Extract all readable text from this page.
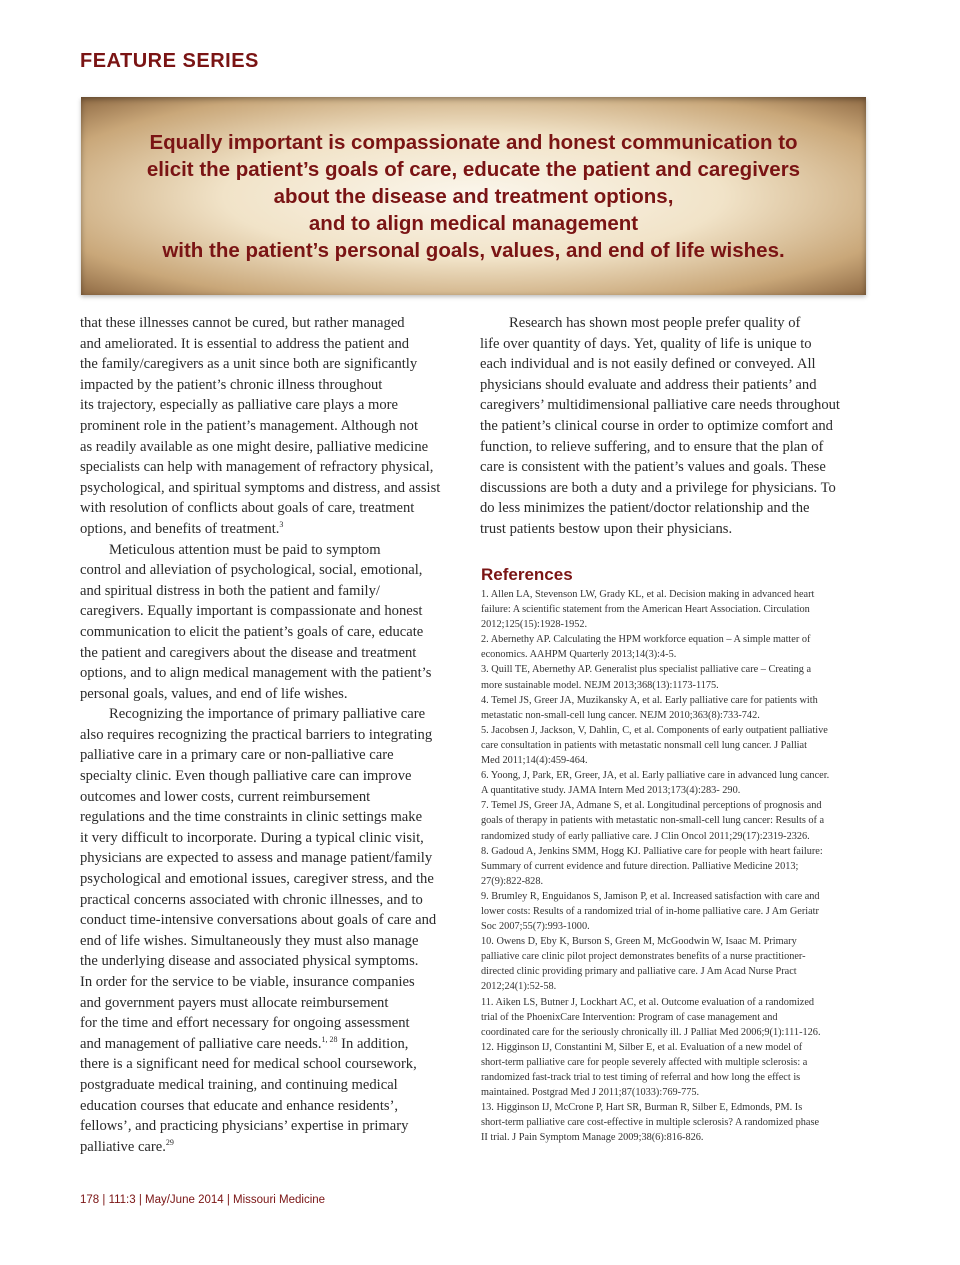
FEATURE SERIES
Equally important is compassionate and honest communication to
elicit the patient’s goals of care, educate the patient and caregivers
about the disease and treatment options,
and to align medical management
with the patient’s personal goals, values, and end of life wishes.
that these illnesses cannot be cured, but rather managed
and ameliorated. It is essential to address the patient and
the family/caregivers as a unit since both are significantly
impacted by the patient’s chronic illness throughout
its trajectory, especially as palliative care plays a more
prominent role in the patient’s management. Although not
as readily available as one might desire, palliative medicine
specialists can help with management of refractory physical,
psychological, and spiritual symptoms and distress, and assist
with resolution of conflicts about goals of care, treatment
options, and benefits of treatment.$^3$
Meticulous attention must be paid to symptom
control and alleviation of psychological, social, emotional,
and spiritual distress in both the patient and family/
caregivers. Equally important is compassionate and honest
communication to elicit the patient’s goals of care, educate
the patient and caregivers about the disease and treatment
options, and to align medical management with the patient’s
personal goals, values, and end of life wishes.
Recognizing the importance of primary palliative care
also requires recognizing the practical barriers to integrating
palliative care in a primary care or non-palliative care
specialty clinic. Even though palliative care can improve
outcomes and lower costs, current reimbursement
regulations and the time constraints in clinic settings make
it very difficult to incorporate. During a typical clinic visit,
physicians are expected to assess and manage patient/family
psychological and emotional issues, caregiver stress, and the
practical concerns associated with chronic illnesses, and to
conduct time-intensive conversations about goals of care and
end of life wishes. Simultaneously they must also manage
the underlying disease and associated physical symptoms.
In order for the service to be viable, insurance companies
and government payers must allocate reimbursement
for the time and effort necessary for ongoing assessment
and management of palliative care needs.$^{1, 28}$ In addition,
there is a significant need for medical school coursework,
postgraduate medical training, and continuing medical
education courses that educate and enhance residents’,
fellows’, and practicing physicians’ expertise in primary
palliative care.$^{29}$
Research has shown most people prefer quality of
life over quantity of days. Yet, quality of life is unique to
each individual and is not easily defined or conveyed. All
physicians should evaluate and address their patients’ and
caregivers’ multidimensional palliative care needs throughout
the patient’s clinical course in order to optimize comfort and
function, to relieve suffering, and to ensure that the plan of
care is consistent with the patient’s values and goals. These
discussions are both a duty and a privilege for physicians. To
do less minimizes the patient/doctor relationship and the
trust patients bestow upon their physicians.
References
1. Allen LA, Stevenson LW, Grady KL, et al. Decision making in advanced heart
failure: A scientific statement from the American Heart Association. Circulation
2012;125(15):1928-1952.
2. Abernethy AP. Calculating the HPM workforce equation – A simple matter of
economics. AAHPM Quarterly 2013;14(3):4-5.
3. Quill TE, Abernethy AP. Generalist plus specialist palliative care – Creating a
more sustainable model. NEJM 2013;368(13):1173-1175.
4. Temel JS, Greer JA, Muzikansky A, et al. Early palliative care for patients with
metastatic non-small-cell lung cancer. NEJM 2010;363(8):733-742.
5. Jacobsen J, Jackson, V, Dahlin, C, et al. Components of early outpatient palliative
care consultation in patients with metastatic nonsmall cell lung cancer. J Palliat
Med 2011;14(4):459-464.
6. Yoong, J, Park, ER, Greer, JA, et al. Early palliative care in advanced lung cancer.
A quantitative study. JAMA Intern Med 2013;173(4):283- 290.
7. Temel JS, Greer JA, Admane S, et al. Longitudinal perceptions of prognosis and
goals of therapy in patients with metastatic non-small-cell lung cancer: Results of a
randomized study of early palliative care. J Clin Oncol 2011;29(17):2319-2326.
8. Gadoud A, Jenkins SMM, Hogg KJ. Palliative care for people with heart failure:
Summary of current evidence and future direction. Palliative Medicine 2013;
27(9):822-828.
9. Brumley R, Enguidanos S, Jamison P, et al. Increased satisfaction with care and
lower costs: Results of a randomized trial of in-home palliative care. J Am Geriatr
Soc 2007;55(7):993-1000.
10. Owens D, Eby K, Burson S, Green M, McGoodwin W, Isaac M. Primary
palliative care clinic pilot project demonstrates benefits of a nurse practitioner-
directed clinic providing primary and palliative care. J Am Acad Nurse Pract
2012;24(1):52-58.
11. Aiken LS, Butner J, Lockhart AC, et al. Outcome evaluation of a randomized
trial of the PhoenixCare Intervention: Program of case management and
coordinated care for the seriously chronically ill. J Palliat Med 2006;9(1):111-126.
12. Higginson IJ, Constantini M, Silber E, et al. Evaluation of a new model of
short-term palliative care for people severely affected with multiple sclerosis: a
randomized fast-track trial to test timing of referral and how long the effect is
maintained. Postgrad Med J 2011;87(1033):769-775.
13. Higginson IJ, McCrone P, Hart SR, Burman R, Silber E, Edmonds, PM. Is
short-term palliative care cost-effective in multiple sclerosis? A randomized phase
II trial. J Pain Symptom Manage 2009;38(6):816-826.
178 | 111:3 | May/June 2014 | Missouri Medicine
